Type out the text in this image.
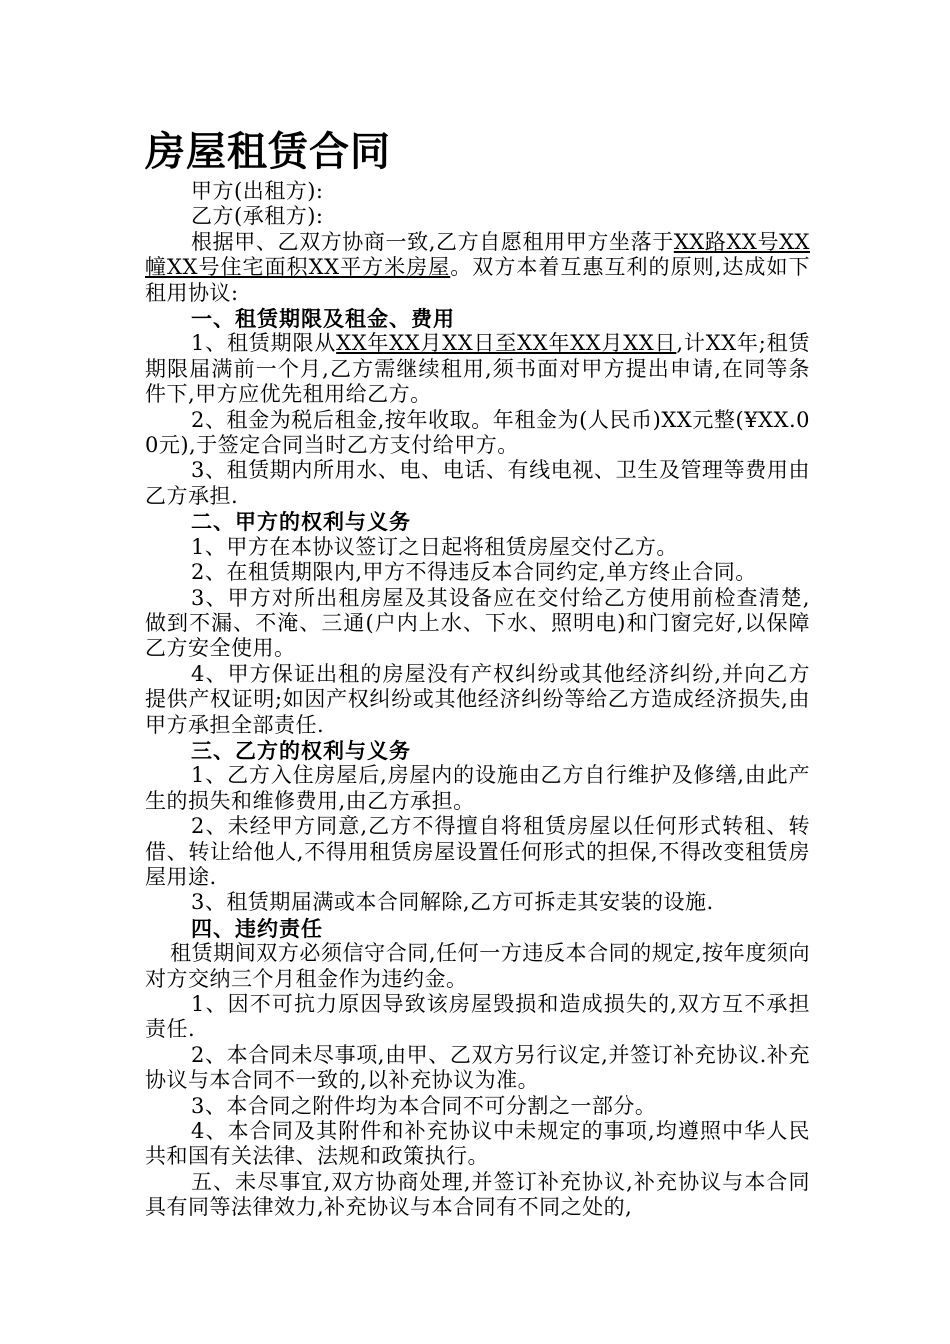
房屋租赁合同

甲方(出租方):

乙方(承租方):

根据甲、乙双方协商一致,乙方自愿租用甲方坐落于XX路XX号XX幢XX号住宅面积XX平方米房屋。双方本着互惠互利的原则,达成如下租用协议:

一、租赁期限及租金、费用

1、租赁期限从XX年XX月XX日至XX年XX月XX日,计XX年;租赁期限届满前一个月,乙方需继续租用,须书面对甲方提出申请,在同等条件下,甲方应优先租用给乙方。

2、租金为税后租金,按年收取。年租金为(人民币)XX元整(¥XX.00元),于签定合同当时乙方支付给甲方。

3、租赁期内所用水、电、电话、有线电视、卫生及管理等费用由乙方承担.

二、甲方的权利与义务

1、甲方在本协议签订之日起将租赁房屋交付乙方。

2、在租赁期限内,甲方不得违反本合同约定,单方终止合同。

3、甲方对所出租房屋及其设备应在交付给乙方使用前检查清楚,做到不漏、不淹、三通(户内上水、下水、照明电)和门窗完好,以保障乙方安全使用。

4、甲方保证出租的房屋没有产权纠纷或其他经济纠纷,并向乙方提供产权证明;如因产权纠纷或其他经济纠纷等给乙方造成经济损失,由甲方承担全部责任.

三、乙方的权利与义务

1、乙方入住房屋后,房屋内的设施由乙方自行维护及修缮,由此产生的损失和维修费用,由乙方承担。

2、未经甲方同意,乙方不得擅自将租赁房屋以任何形式转租、转借、转让给他人,不得用租赁房屋设置任何形式的担保,不得改变租赁房屋用途.

3、租赁期届满或本合同解除,乙方可拆走其安装的设施.

四、违约责任

租赁期间双方必须信守合同,任何一方违反本合同的规定,按年度须向对方交纳三个月租金作为违约金。

1、因不可抗力原因导致该房屋毁损和造成损失的,双方互不承担责任.

2、本合同未尽事项,由甲、乙双方另行议定,并签订补充协议.补充协议与本合同不一致的,以补充协议为准。

3、本合同之附件均为本合同不可分割之一部分。

4、本合同及其附件和补充协议中未规定的事项,均遵照中华人民共和国有关法律、法规和政策执行。

五、未尽事宜,双方协商处理,并签订补充协议,补充协议与本合同具有同等法律效力,补充协议与本合同有不同之处的,
